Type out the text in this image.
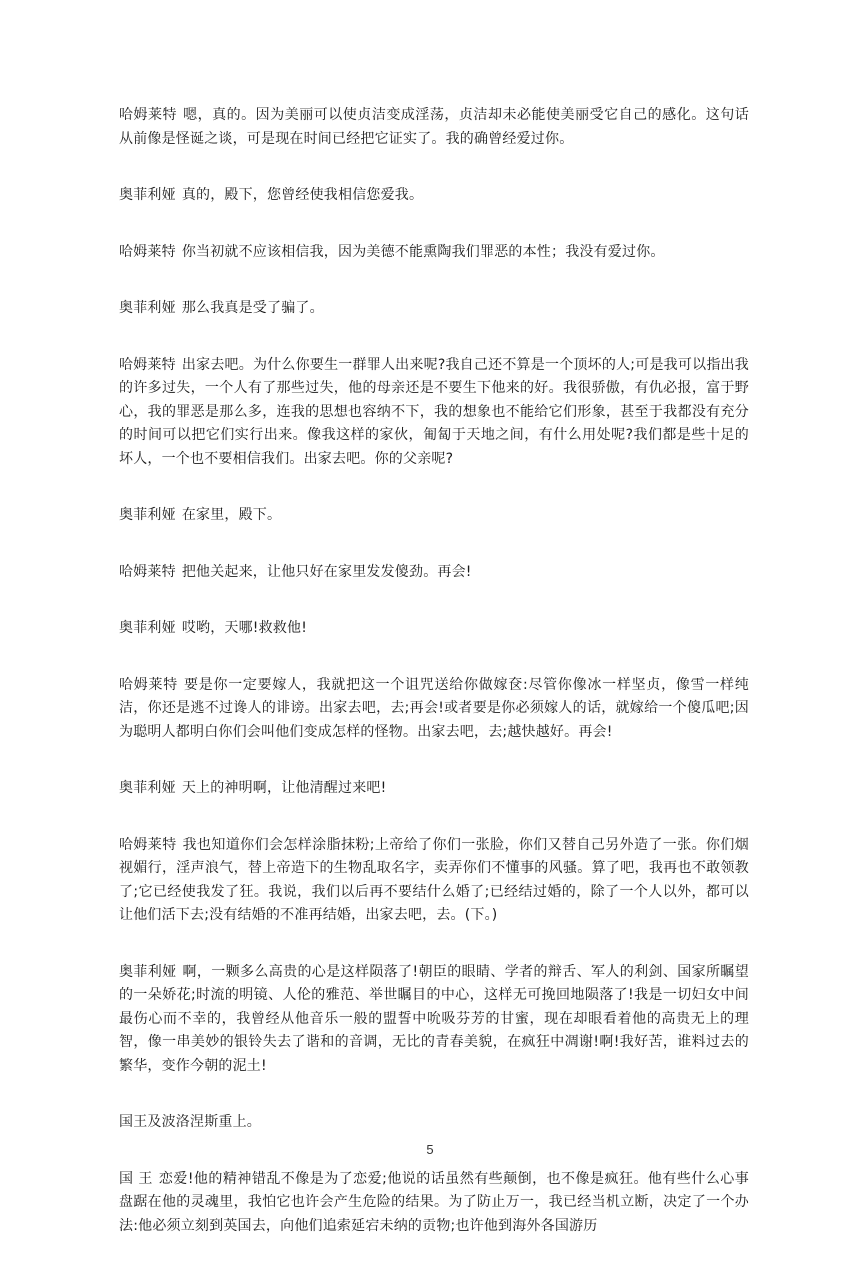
哈姆莱特 嗯，真的。因为美丽可以使贞洁变成淫荡，贞洁却未必能使美丽受它自己的感化。这句话从前像是怪诞之谈，可是现在时间已经把它证实了。我的确曾经爱过你。

奥菲利娅 真的，殿下，您曾经使我相信您爱我。

哈姆莱特 你当初就不应该相信我，因为美德不能熏陶我们罪恶的本性；我没有爱过你。

奥菲利娅 那么我真是受了骗了。

哈姆莱特 出家去吧。为什么你要生一群罪人出来呢?我自己还不算是一个顶坏的人;可是我可以指出我的许多过失，一个人有了那些过失，他的母亲还是不要生下他来的好。我很骄傲，有仇必报，富于野心，我的罪恶是那么多，连我的思想也容纳不下，我的想象也不能给它们形象，甚至于我都没有充分的时间可以把它们实行出来。像我这样的家伙，匍匐于天地之间，有什么用处呢?我们都是些十足的坏人，一个也不要相信我们。出家去吧。你的父亲呢?

奥菲利娅 在家里，殿下。

哈姆莱特 把他关起来，让他只好在家里发发傻劲。再会!

奥菲利娅 哎哟，天哪!救救他!

哈姆莱特 要是你一定要嫁人，我就把这一个诅咒送给你做嫁奁:尽管你像冰一样坚贞，像雪一样纯洁，你还是逃不过谗人的诽谤。出家去吧，去;再会!或者要是你必须嫁人的话，就嫁给一个傻瓜吧;因为聪明人都明白你们会叫他们变成怎样的怪物。出家去吧，去;越快越好。再会!

奥菲利娅 天上的神明啊，让他清醒过来吧!

哈姆莱特 我也知道你们会怎样涂脂抹粉;上帝给了你们一张脸，你们又替自己另外造了一张。你们烟视媚行，淫声浪气，替上帝造下的生物乱取名字，卖弄你们不懂事的风骚。算了吧，我再也不敢领教了;它已经使我发了狂。我说，我们以后再不要结什么婚了;已经结过婚的，除了一个人以外，都可以让他们活下去;没有结婚的不准再结婚，出家去吧，去。(下。)

奥菲利娅 啊，一颗多么高贵的心是这样陨落了!朝臣的眼睛、学者的辩舌、军人的利剑、国家所瞩望的一朵娇花;时流的明镜、人伦的雅范、举世瞩目的中心，这样无可挽回地陨落了!我是一切妇女中间最伤心而不幸的，我曾经从他音乐一般的盟誓中吮吸芬芳的甘蜜，现在却眼看着他的高贵无上的理智，像一串美妙的银铃失去了谐和的音调，无比的青春美貌，在疯狂中凋谢!啊!我好苦，谁料过去的繁华，变作今朝的泥土!

国王及波洛涅斯重上。

国 王 恋爱!他的精神错乱不像是为了恋爱;他说的话虽然有些颠倒，也不像是疯狂。他有些什么心事盘踞在他的灵魂里，我怕它也许会产生危险的结果。为了防止万一，我已经当机立断，决定了一个办法:他必须立刻到英国去，向他们追索延宕未纳的贡物;也许他到海外各国游历

5
